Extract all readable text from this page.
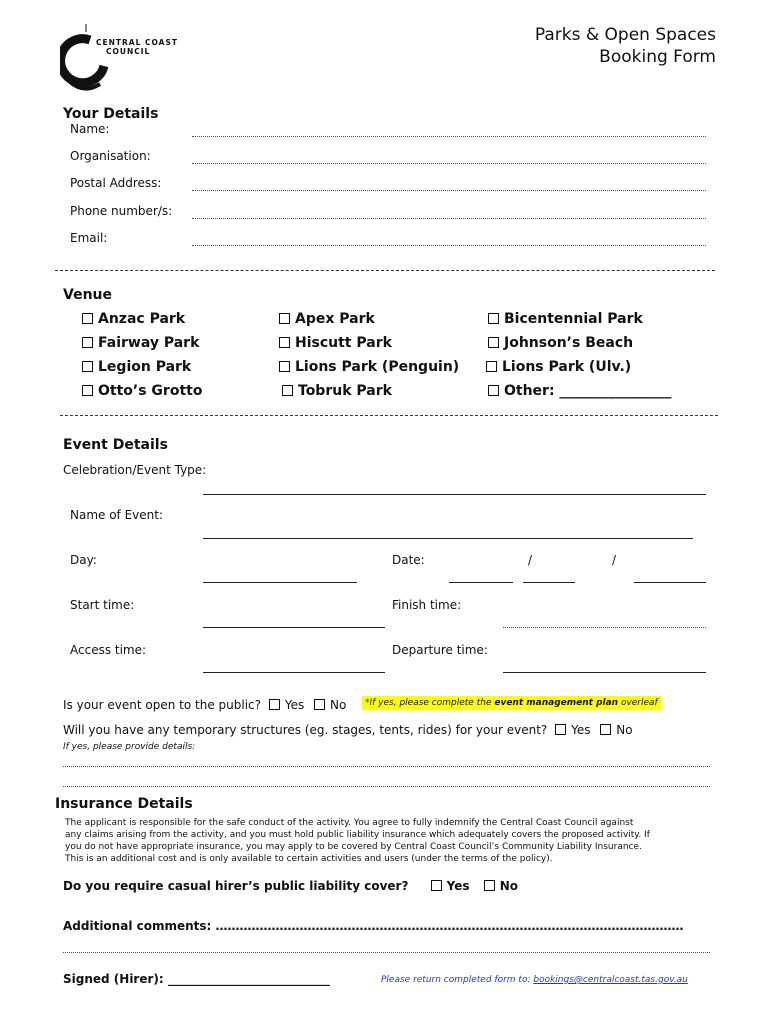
CENTRAL COAST
COUNCIL
Parks & Open Spaces
Booking Form
Your Details
Name:
Organisation:
Postal Address:
Phone number/s:
Email:
Venue
Anzac Park
Fairway Park
Legion Park
Otto’s Grotto
Apex Park
Hiscutt Park
Lions Park (Penguin)
Tobruk Park
Bicentennial Park
Johnson’s Beach
Lions Park (Ulv.)
Other: ________________
Event Details
Celebration/Event Type:
Name of Event:
Day:	Date:	/	/
Start time:	Finish time:
Access time:	Departure time:
Is your event open to the public? Yes No	*If yes, please complete the event management plan overleaf
Will you have any temporary structures (eg. stages, tents, rides) for your event? Yes No
If yes, please provide details:
Insurance Details
The applicant is responsible for the safe conduct of the activity. You agree to fully indemnify the Central Coast Council against
any claims arising from the activity, and you must hold public liability insurance which adequately covers the proposed activity. If
you do not have appropriate insurance, you may apply to be covered by Central Coast Council’s Community Liability Insurance.
This is an additional cost and is only available to certain activities and users (under the terms of the policy).
Do you require casual hirer’s public liability cover?	Yes	No
Additional comments: ………………………………………………………………………………………………………
Signed (Hirer): ___________________________	Please return completed form to: bookings@centralcoast.tas.gov.au
